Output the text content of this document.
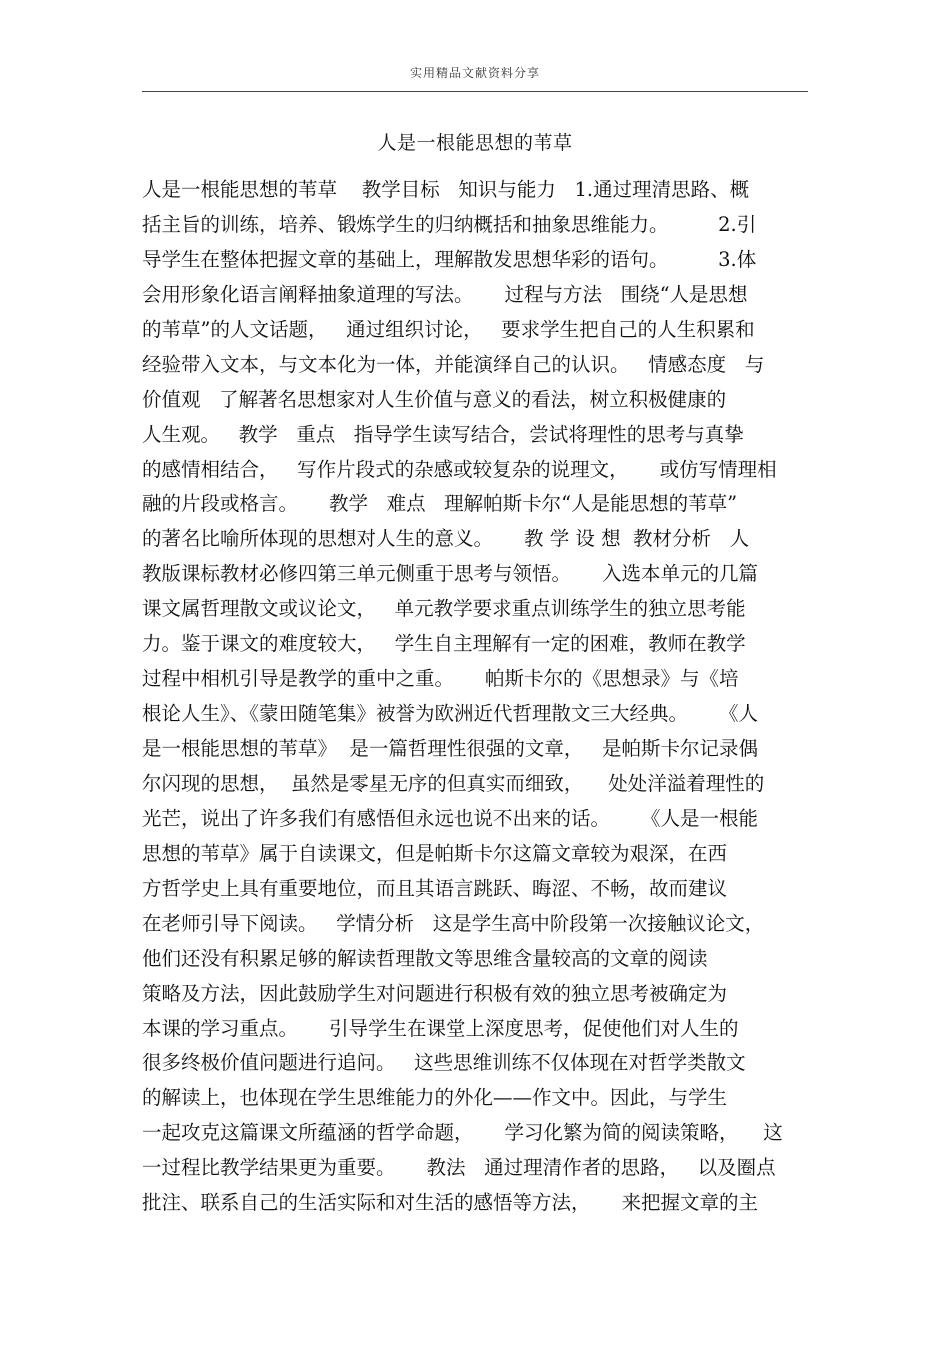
实用精品文献资料分享
人是一根能思想的苇草
人是一根能思想的苇草    教学目标   知识与能力   1.通过理清思路、概
括主旨的训练，培养、锻炼学生的归纳概括和抽象思维能力。        2.引
导学生在整体把握文章的基础上，理解散发思想华彩的语句。        3.体
会用形象化语言阐释抽象道理的写法。     过程与方法   围绕“人是思想
的苇草”的人文话题，   通过组织讨论，   要求学生把自己的人生积累和
经验带入文本，与文本化为一体，并能演绎自己的认识。   情感态度   与
价值观   了解著名思想家对人生价值与意义的看法，树立积极健康的
人生观。   教学   重点   指导学生读写结合，尝试将理性的思考与真挚
的感情相结合，   写作片段式的杂感或较复杂的说理文，     或仿写情理相
融的片段或格言。     教学   难点   理解帕斯卡尔“人是能思想的苇草”
的著名比喻所体现的思想对人生的意义。     教 学 设 想  教材分析   人
教版课标教材必修四第三单元侧重于思考与领悟。     入选本单元的几篇
课文属哲理散文或议论文，   单元教学要求重点训练学生的独立思考能
力。鉴于课文的难度较大，   学生自主理解有一定的困难，教师在教学
过程中相机引导是教学的重中之重。     帕斯卡尔的《思想录》与《培
根论人生》、《蒙田随笔集》被誉为欧洲近代哲理散文三大经典。     《人
是一根能思想的苇草》  是一篇哲理性很强的文章，   是帕斯卡尔记录偶
尔闪现的思想，  虽然是零星无序的但真实而细致，    处处洋溢着理性的
光芒，说出了许多我们有感悟但永远也说不出来的话。     《人是一根能
思想的苇草》属于自读课文，但是帕斯卡尔这篇文章较为艰深，在西
方哲学史上具有重要地位，而且其语言跳跃、晦涩、不畅，故而建议
在老师引导下阅读。   学情分析   这是学生高中阶段第一次接触议论文，
他们还没有积累足够的解读哲理散文等思维含量较高的文章的阅读
策略及方法，因此鼓励学生对问题进行积极有效的独立思考被确定为
本课的学习重点。     引导学生在课堂上深度思考，促使他们对人生的
很多终极价值问题进行追问。   这些思维训练不仅体现在对哲学类散文
的解读上，也体现在学生思维能力的外化——作文中。因此，与学生
一起攻克这篇课文所蕴涵的哲学命题，     学习化繁为简的阅读策略，    这
一过程比教学结果更为重要。     教法   通过理清作者的思路，   以及圈点
批注、联系自己的生活实际和对生活的感悟等方法，     来把握文章的主
